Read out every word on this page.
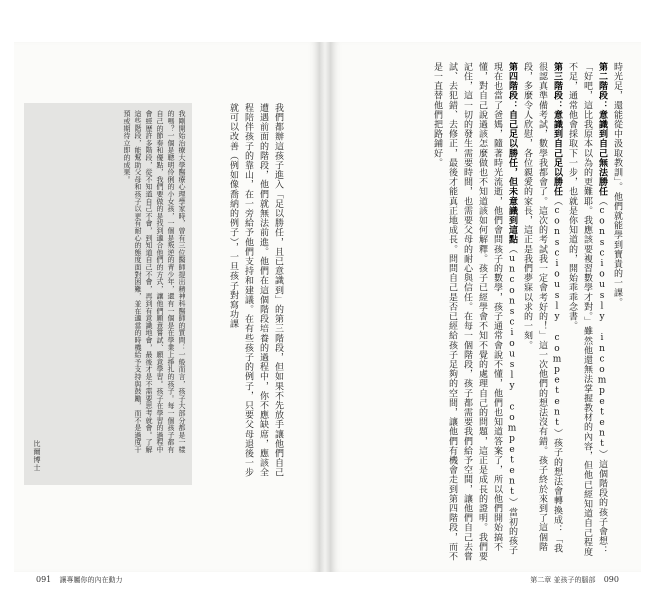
我剛開始治療大學醫療心理學家時，曾有三位醫師提出精神科醫師的質問：一般而言，孩子大部分都是一樣的嗎？一個是聰明伶俐的小女孩，一個是叛逆的青少年，還有一個是在學業上掙扎的孩子。每一個孩子都有自己的節奏和優點，我們要做的是找到適合他們的方式，讓他們願意嘗試、願意學習。孩子在學習的過程中會經歷許多階段，從不知道自己不會，到知道自己不會，再到有意識地會，最後才是不需要思考就會。了解這些階段，能幫助父母和孩子以更有耐心的態度面對困難，並在適當的時機給予支持與鼓勵，而不是過度干預或期待立即的成果。
比爾博士	我們都辦這孩子進入「足以勝任，且已意識到」的第三階段，但如果不先放手讓他們自己遭遇前面的階段，他們就無法前進。他們在這個階段培養的過程中，你不應缺席，應該全程陪伴孩子的靠山，在一旁給予他們支持和建議。在有些孩子的例子，只要父母退後一步就可以改善（例如像喬納的例子），一旦孩子對寫功課	時光足，還能從中汲取教訓」。他們就能學到寶貴的一課。
第二階段：意識到自己無法勝任（consciously incompetent）這個階段的孩子會想：「好吧，這比我原本以為的更難耶。我應該要複習數學才對。」雖然他還無法掌握教材的內容，但他已經知道自己程度不足，通常他會採取下一步，也就是你知道的，開始乖乖念書。
第三階段：意識到自己足以勝任（consciously competent）孩子的想法會轉換成：「我很認真準備考試，數學我都會了。這次的考試我一定會考好的！」這一次他們的想法沒有錯。孩子終於來到了這個階段，多麼令人欣慰，各位親愛的家長，這正是我們夢寐以求的一刻。
第四階段：自己足以勝任，但未意識到這點（unconsciously competent）當初的孩子現在也當了爸媽，隨著時光流逝，他們會問孩子的數學，孩子通常會說不懂，他們也知道答案了，所以他們開始搞不懂，對自己說過該怎麼做也不知道該如何解釋。孩子已經學會不知不覺的處理自己的問題，這正是成長的證明。我們要記住，這一切的發生需要時間，也需要父母的耐心與信任。在每一個階段，孩子都需要我們給予空間，讓他們自己去嘗試、去犯錯、去修正，最後才能真正地成長。問問自己是否已經給孩子足夠的空間，讓他們有機會走到第四階段，而不是一直替他們把路鋪好。
091 讓專屬你的內在動力	第二章 並孩子的腦部 090
